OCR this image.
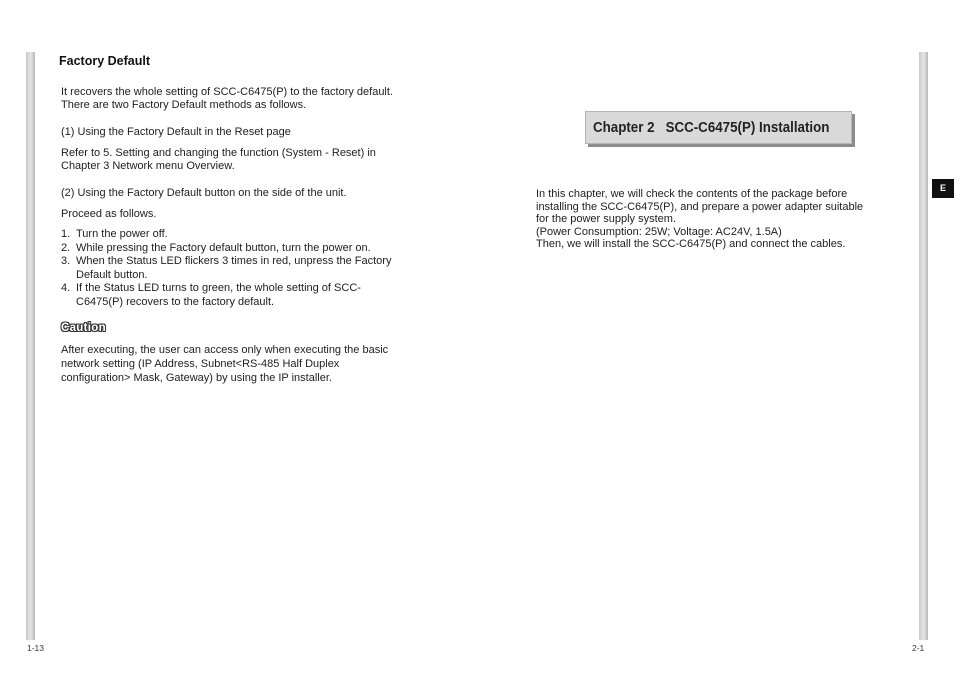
Factory Default
It recovers the whole setting of SCC-C6475(P) to the factory default.
There are two Factory Default methods as follows.
(1) Using the Factory Default in the Reset page
Refer to 5. Setting and changing the function (System - Reset) in
Chapter 3 Network menu Overview.
(2) Using the Factory Default button on the side of the unit.
Proceed as follows.
1. Turn the power off.
2. While pressing the Factory default button, turn the power on.
3. When the Status LED flickers 3 times in red, unpress the Factory
Default button.
4. If the Status LED turns to green, the whole setting of SCC-
C6475(P) recovers to the factory default.
Caution
After executing, the user can access only when executing the basic
network setting (IP Address, Subnet<RS-485 Half Duplex
configuration> Mask, Gateway) by using the IP installer.
1-13
Chapter 2 SCC-C6475(P) Installation
In this chapter, we will check the contents of the package before
installing the SCC-C6475(P), and prepare a power adapter suitable
for the power supply system.
(Power Consumption: 25W; Voltage: AC24V, 1.5A)
Then, we will install the SCC-C6475(P) and connect the cables.
E
2-1
